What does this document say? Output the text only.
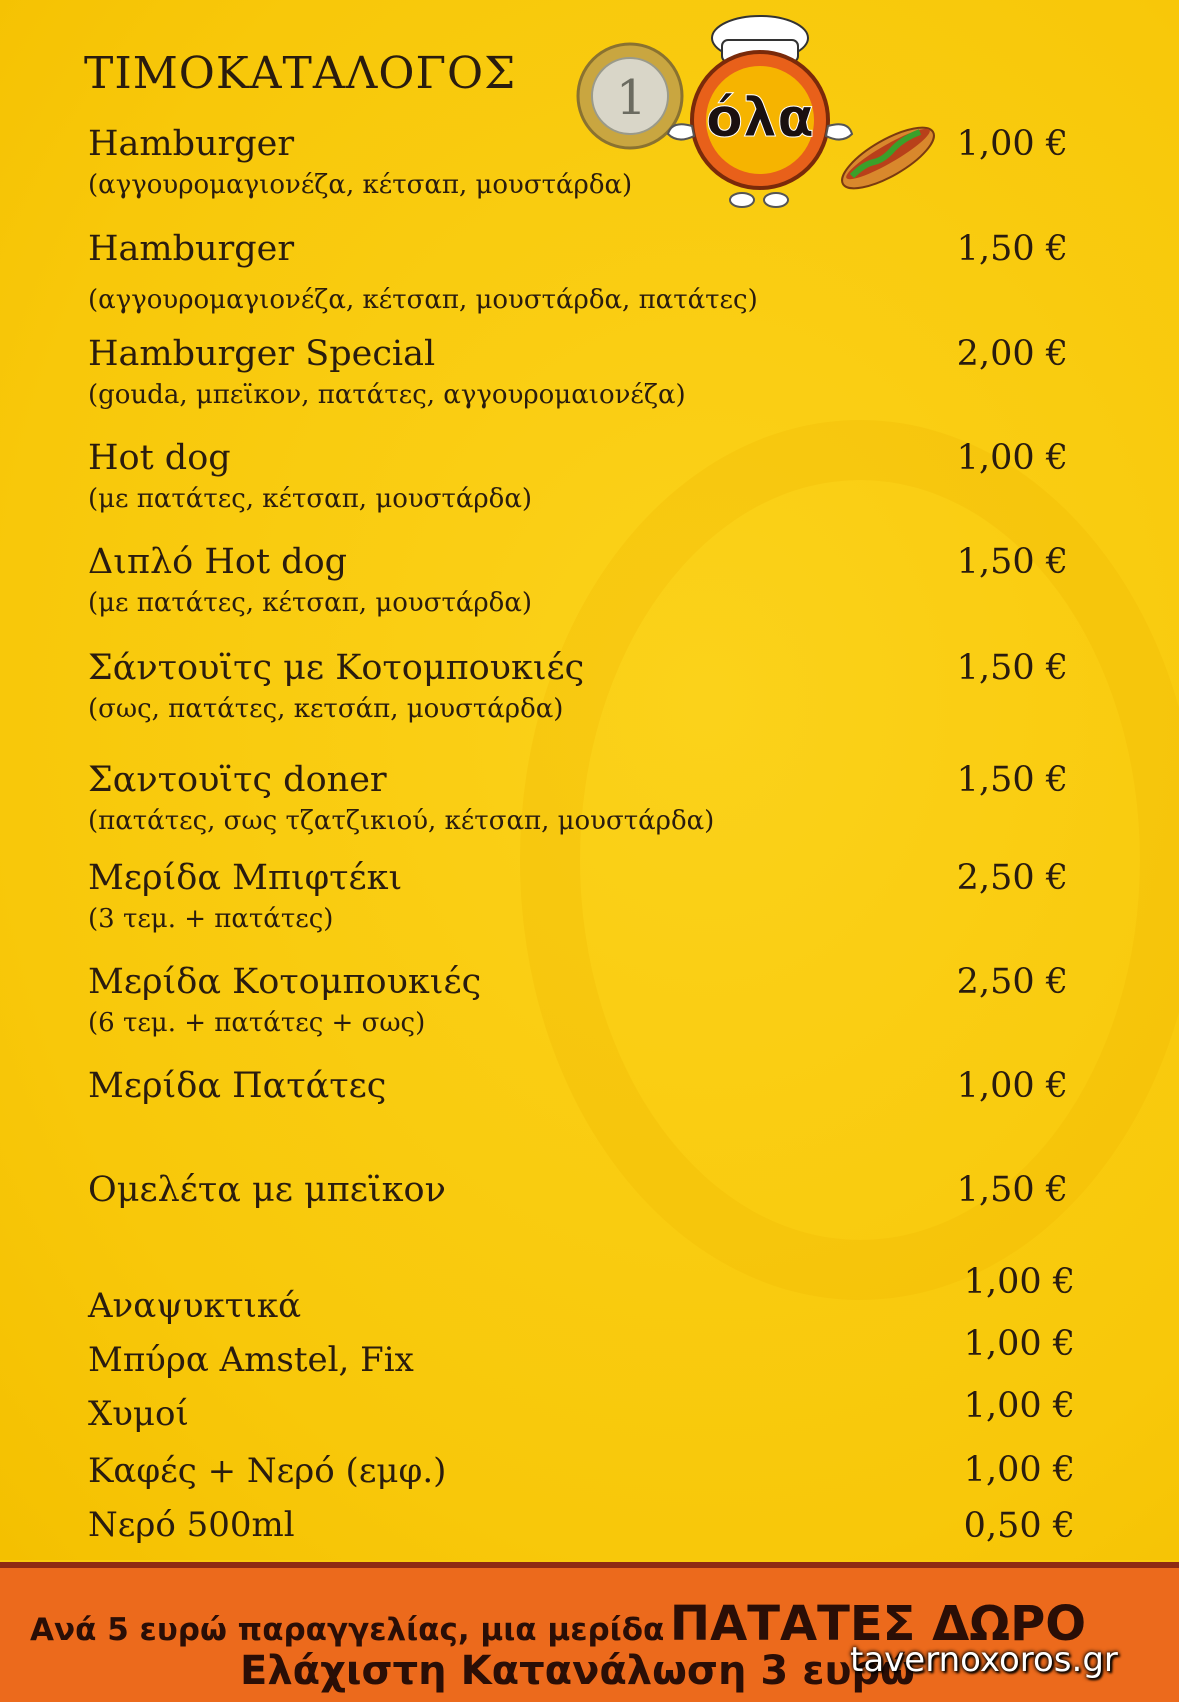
ΤΙΜΟΚΑΤΑΛΟΓΟΣ 1 όλα
Hamburger
(αγγουρομαγιονέζα, κέτσαπ, μουστάρδα)
1,00 €
Hamburger
(αγγουρομαγιονέζα, κέτσαπ, μουστάρδα, πατάτες)
1,50 €
Hamburger Special
(gouda, μπεϊκον, πατάτες, αγγουρομαιονέζα)
2,00 €
Hot dog
(με πατάτες, κέτσαπ, μουστάρδα)
1,00 €
Διπλό Hot dog
(με πατάτες, κέτσαπ, μουστάρδα)
1,50 €
Σάντουϊτς με Κοτομπουκιές
(σως, πατάτες, κετσάπ, μουστάρδα)
1,50 €
Σαντουϊτς doner
(πατάτες, σως τζατζικιού, κέτσαπ, μουστάρδα)
1,50 €
Μερίδα Μπιφτέκι
(3 τεμ. + πατάτες)
2,50 €
Μερίδα Κοτομπουκιές
(6 τεμ. + πατάτες + σως)
2,50 €
Μερίδα Πατάτες	1,00 €
Ομελέτα με μπεϊκον	1,50 €
Αναψυκτικά
1,00 €
Μπύρα Amstel, Fix	1,00 €
Χυμοί	1,00 €
Καφές + Νερό (εμφ.)	1,00 €
Νερό 500ml	0,50 €
Ανά 5 ευρώ παραγγελίας, μια μερίδα ΠΑΤΑΤΕΣ ΔΩΡΟ
Ελάχιστη Κατανάλωση 3 ευρώ
tavernoxoros.gr
